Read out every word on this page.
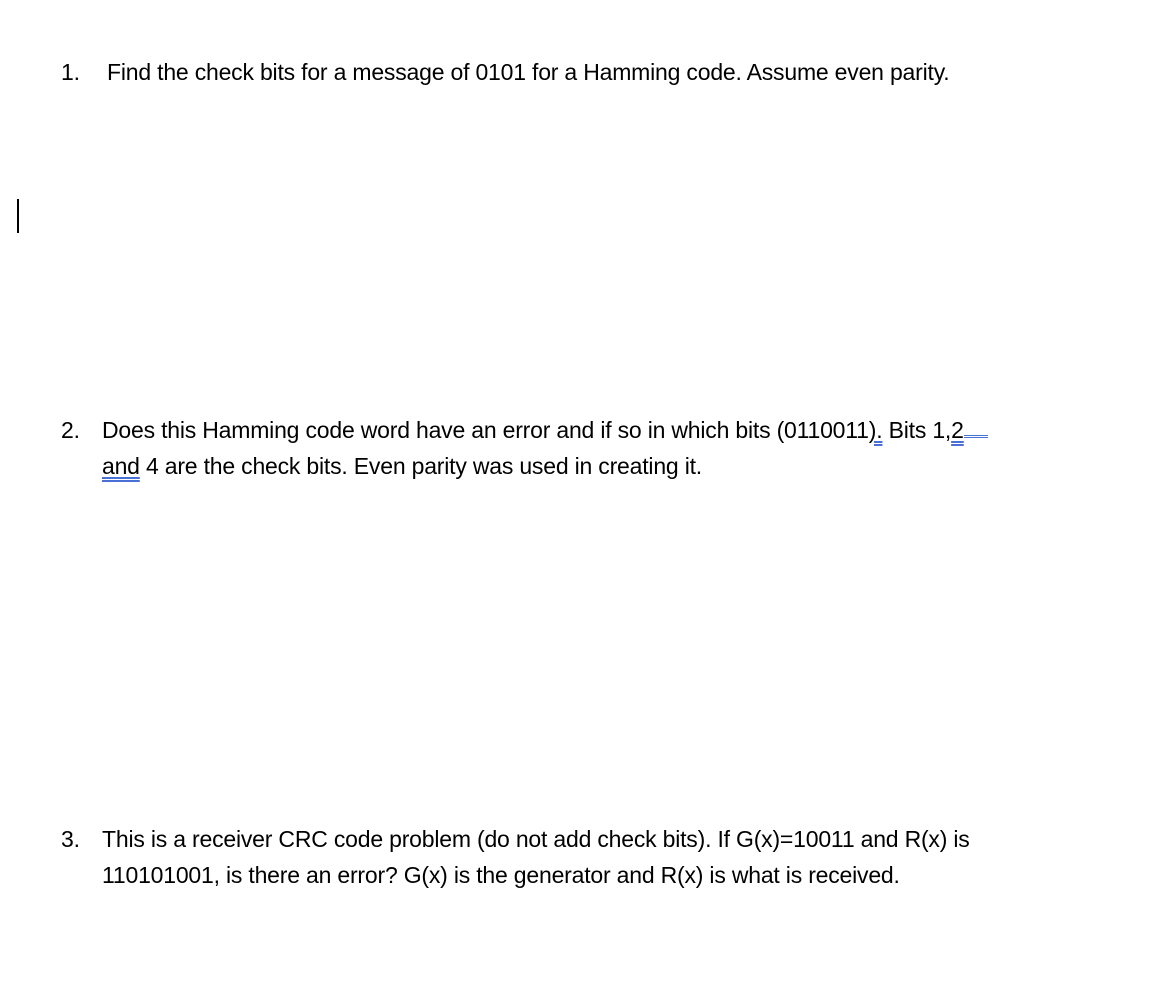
1.	Find the check bits for a message of 0101 for a Hamming code. Assume even parity.
2. Does this Hamming code word have an error and if so in which bits (0110011). Bits 1,2
and 4 are the check bits. Even parity was used in creating it.
3. This is a receiver CRC code problem (do not add check bits). If G(x)=10011 and R(x) is
110101001, is there an error? G(x) is the generator and R(x) is what is received.
